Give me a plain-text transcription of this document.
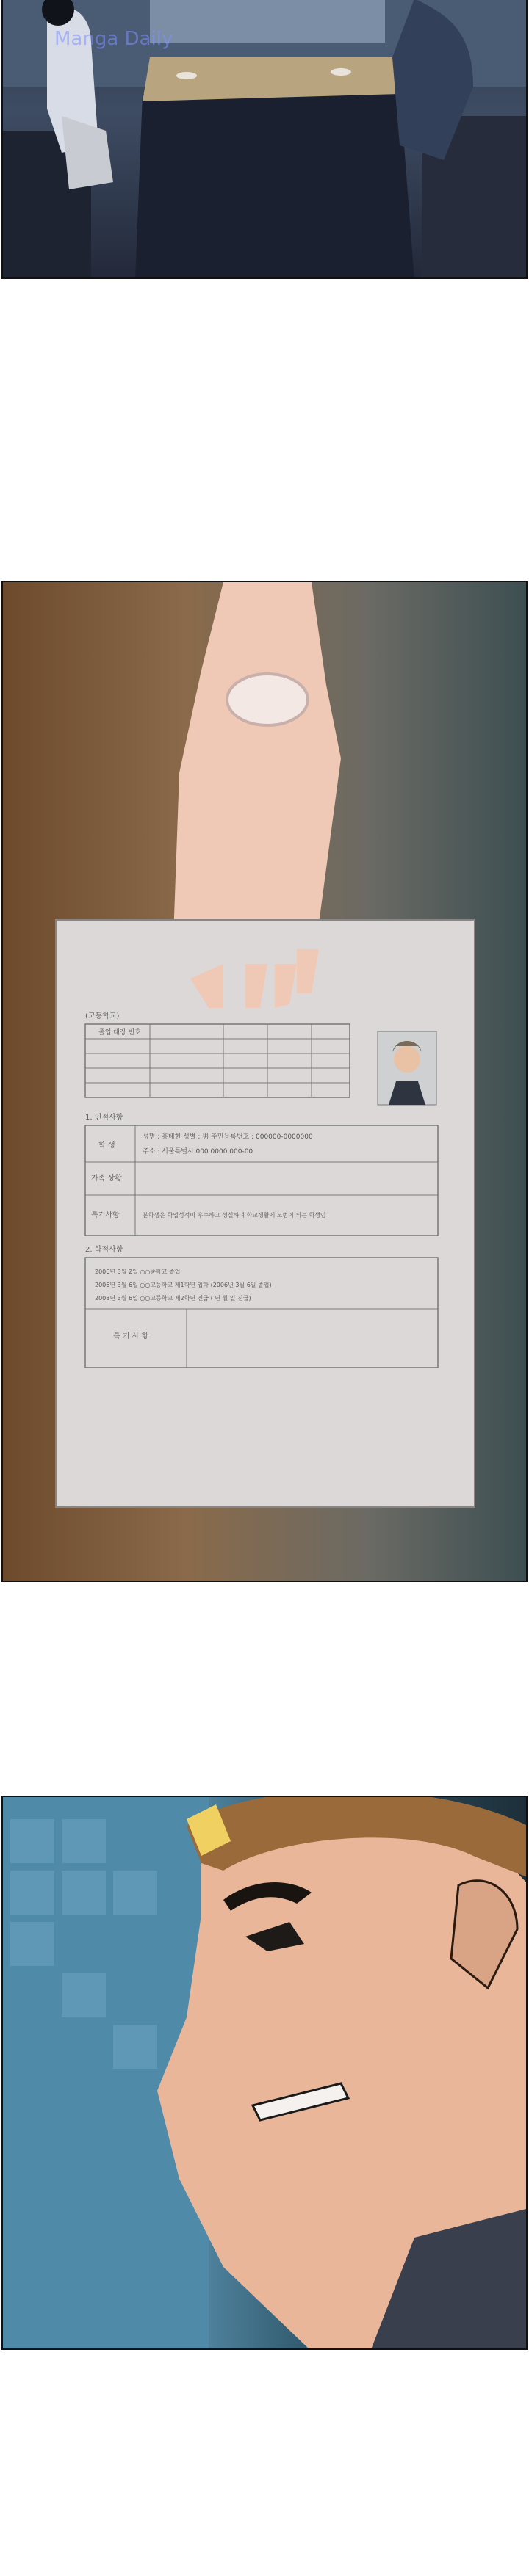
Manga Daily
(고등학교)
졸업 대장 번호
1. 인적사항
학 생
성명 : 홍태현 성별 : 男 주민등록번호 : 000000-0000000
주소 : 서울특별시 000 0000 000-00
가족 상황
특기사항	본학생은 학업성적이 우수하고 성실하며 학교생활에 모범이 되는 학생임
2. 학적사항
2006년 3월 2일 ○○중학교 졸업
2006년 3월 6일 ○○고등학교 제1학년 입학 (2006년 3월 6일 졸업)
2008년 3월 6일 ○○고등학교 제2학년 진급 ( 년 월 일 진급)
특 기 사 항
